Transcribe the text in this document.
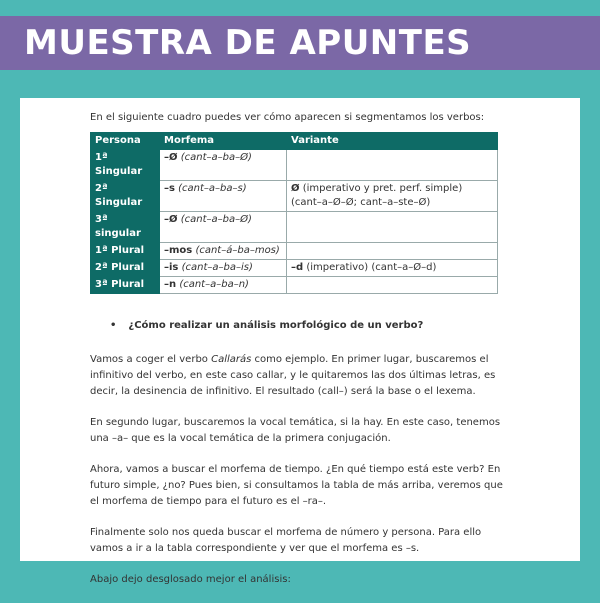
MUESTRA DE APUNTES

En el siguiente cuadro puedes ver cómo aparecen si segmentamos los verbos:

Persona	Morfema	Variante
1ª Singular	–Ø (cant–a–ba–Ø)	
2ª Singular	–s (cant–a–ba–s)	Ø (imperativo y pret. perf. simple) (cant–a–Ø–Ø; cant–a–ste–Ø)
3ª singular	–Ø (cant–a–ba–Ø)	
1ª Plural	–mos (cant–á–ba–mos)	
2ª Plural	–is (cant–a–ba–is)	–d (imperativo) (cant–a–Ø–d)
3ª Plural	–n (cant–a–ba–n)	
• ¿Cómo realizar un análisis morfológico de un verbo?

Vamos a coger el verbo Callarás como ejemplo. En primer lugar, buscaremos el infinitivo del verbo, en este caso callar, y le quitaremos las dos últimas letras, es decir, la desinencia de infinitivo. El resultado (call–) será la base o el lexema.

En segundo lugar, buscaremos la vocal temática, si la hay. En este caso, tenemos una –a– que es la vocal temática de la primera conjugación.

Ahora, vamos a buscar el morfema de tiempo. ¿En qué tiempo está este verb? En futuro simple, ¿no? Pues bien, si consultamos la tabla de más arriba, veremos que el morfema de tiempo para el futuro es el –ra–.

Finalmente solo nos queda buscar el morfema de número y persona. Para ello vamos a ir a la tabla correspondiente y ver que el morfema es –s.

Abajo dejo desglosado mejor el análisis:
